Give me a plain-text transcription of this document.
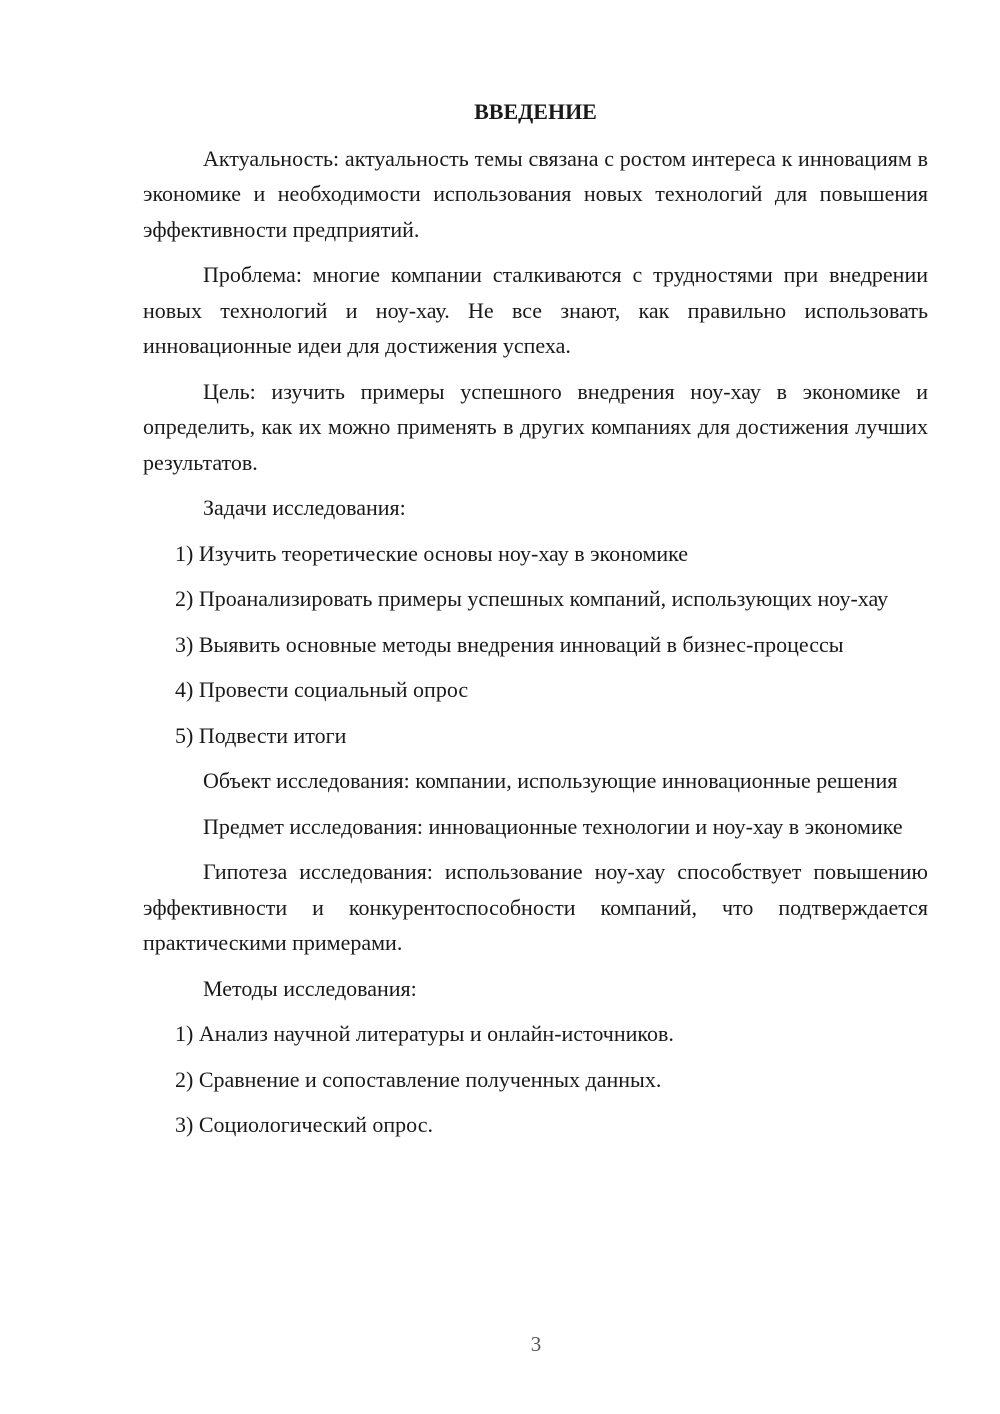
ВВЕДЕНИЕ

Актуальность: актуальность темы связана с ростом интереса к инновациям в экономике и необходимости использования новых технологий для повышения эффективности предприятий.

Проблема: многие компании сталкиваются с трудностями при внедрении новых технологий и ноу-хау. Не все знают, как правильно использовать инновационные идеи для достижения успеха.

Цель: изучить примеры успешного внедрения ноу-хау в экономике и определить, как их можно применять в других компаниях для достижения лучших результатов.

Задачи исследования:

1) Изучить теоретические основы ноу-хау в экономике

2) Проанализировать примеры успешных компаний, использующих ноу-хау

3) Выявить основные методы внедрения инноваций в бизнес-процессы

4) Провести социальный опрос

5) Подвести итоги

Объект исследования: компании, использующие инновационные решения

Предмет исследования: инновационные технологии и ноу-хау в экономике

Гипотеза исследования: использование ноу-хау способствует повышению эффективности и конкурентоспособности компаний, что подтверждается практическими примерами.

Методы исследования:

1) Анализ научной литературы и онлайн-источников.

2) Сравнение и сопоставление полученных данных.

3) Социологический опрос.

3
